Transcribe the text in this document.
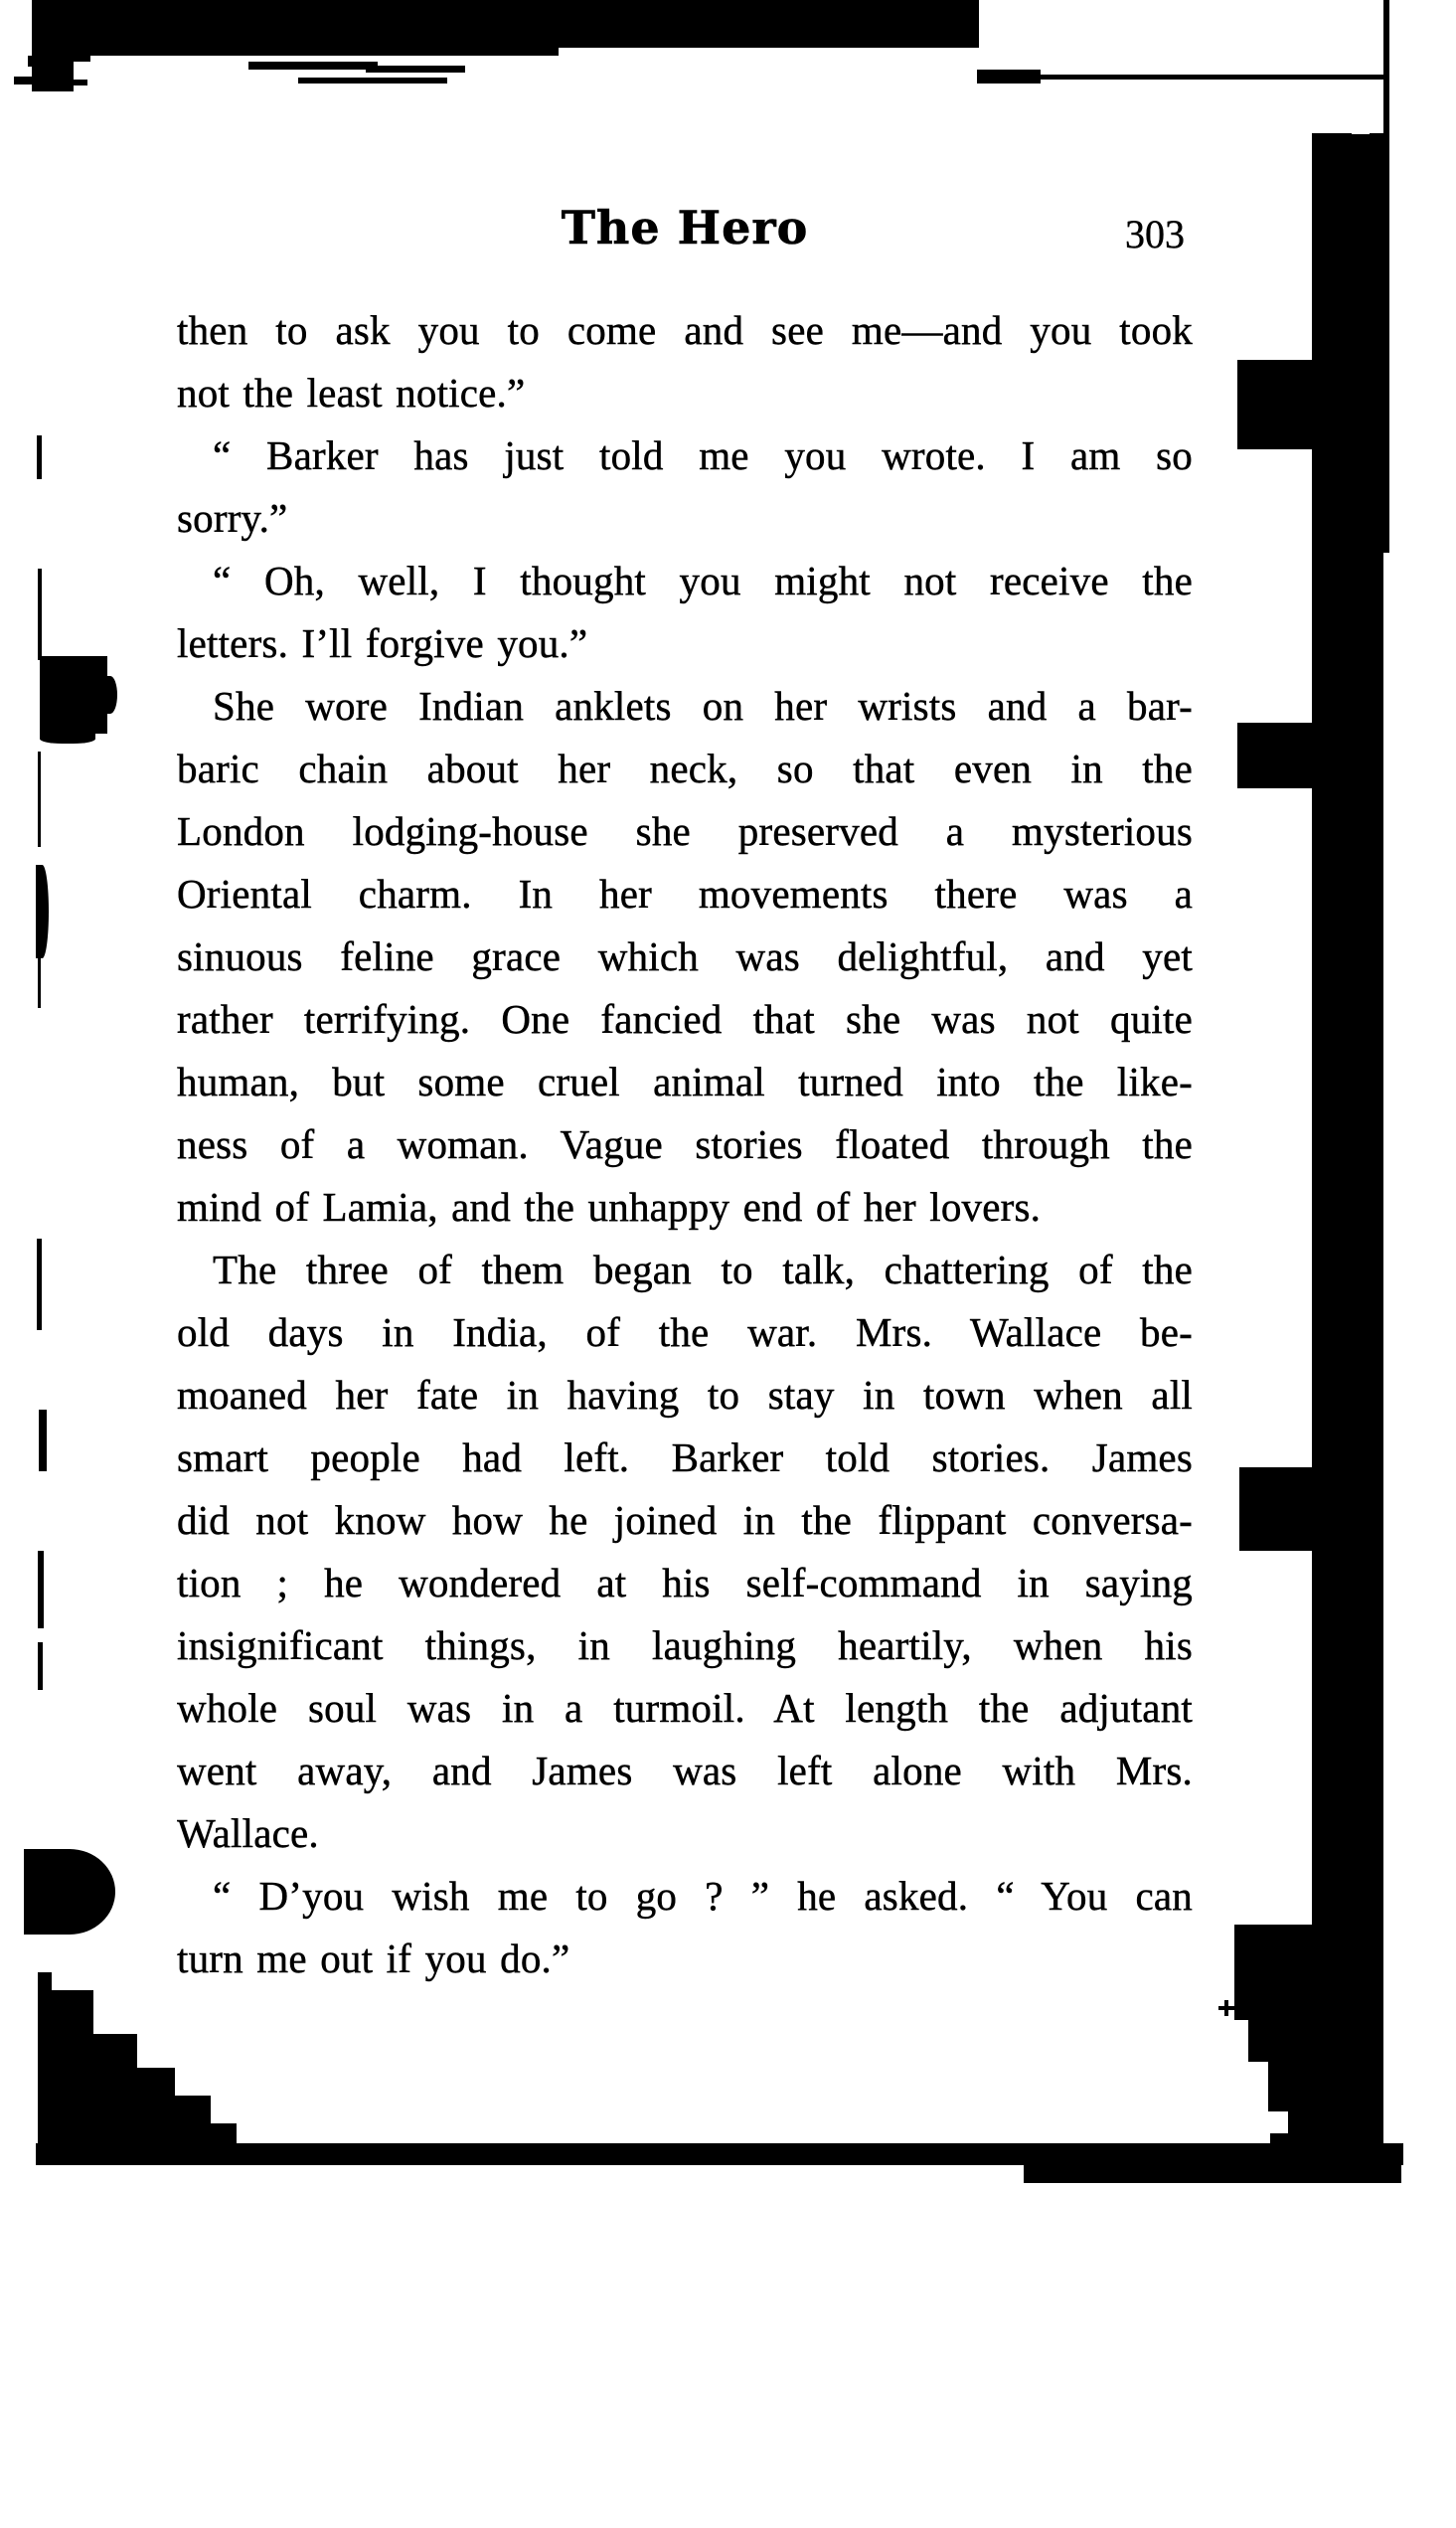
The Hero	303
then to ask you to come and see me—and you took
not the least notice.”
“ Barker has just told me you wrote. I am so
sorry.”
“ Oh, well, I thought you might not receive the
letters. I’ll forgive you.”
She wore Indian anklets on her wrists and a bar-
baric chain about her neck, so that even in the
London lodging-house she preserved a mysterious
Oriental charm. In her movements there was a
sinuous feline grace which was delightful, and yet
rather terrifying. One fancied that she was not quite
human, but some cruel animal turned into the like-
ness of a woman. Vague stories floated through the
mind of Lamia, and the unhappy end of her lovers.
The three of them began to talk, chattering of the
old days in India, of the war. Mrs. Wallace be-
moaned her fate in having to stay in town when all
smart people had left. Barker told stories. James
did not know how he joined in the flippant conversa-
tion ; he wondered at his self-command in saying
insignificant things, in laughing heartily, when his
whole soul was in a turmoil. At length the adjutant
went away, and James was left alone with Mrs.
Wallace.
“ D’you wish me to go ? ” he asked. “ You can
turn me out if you do.”
